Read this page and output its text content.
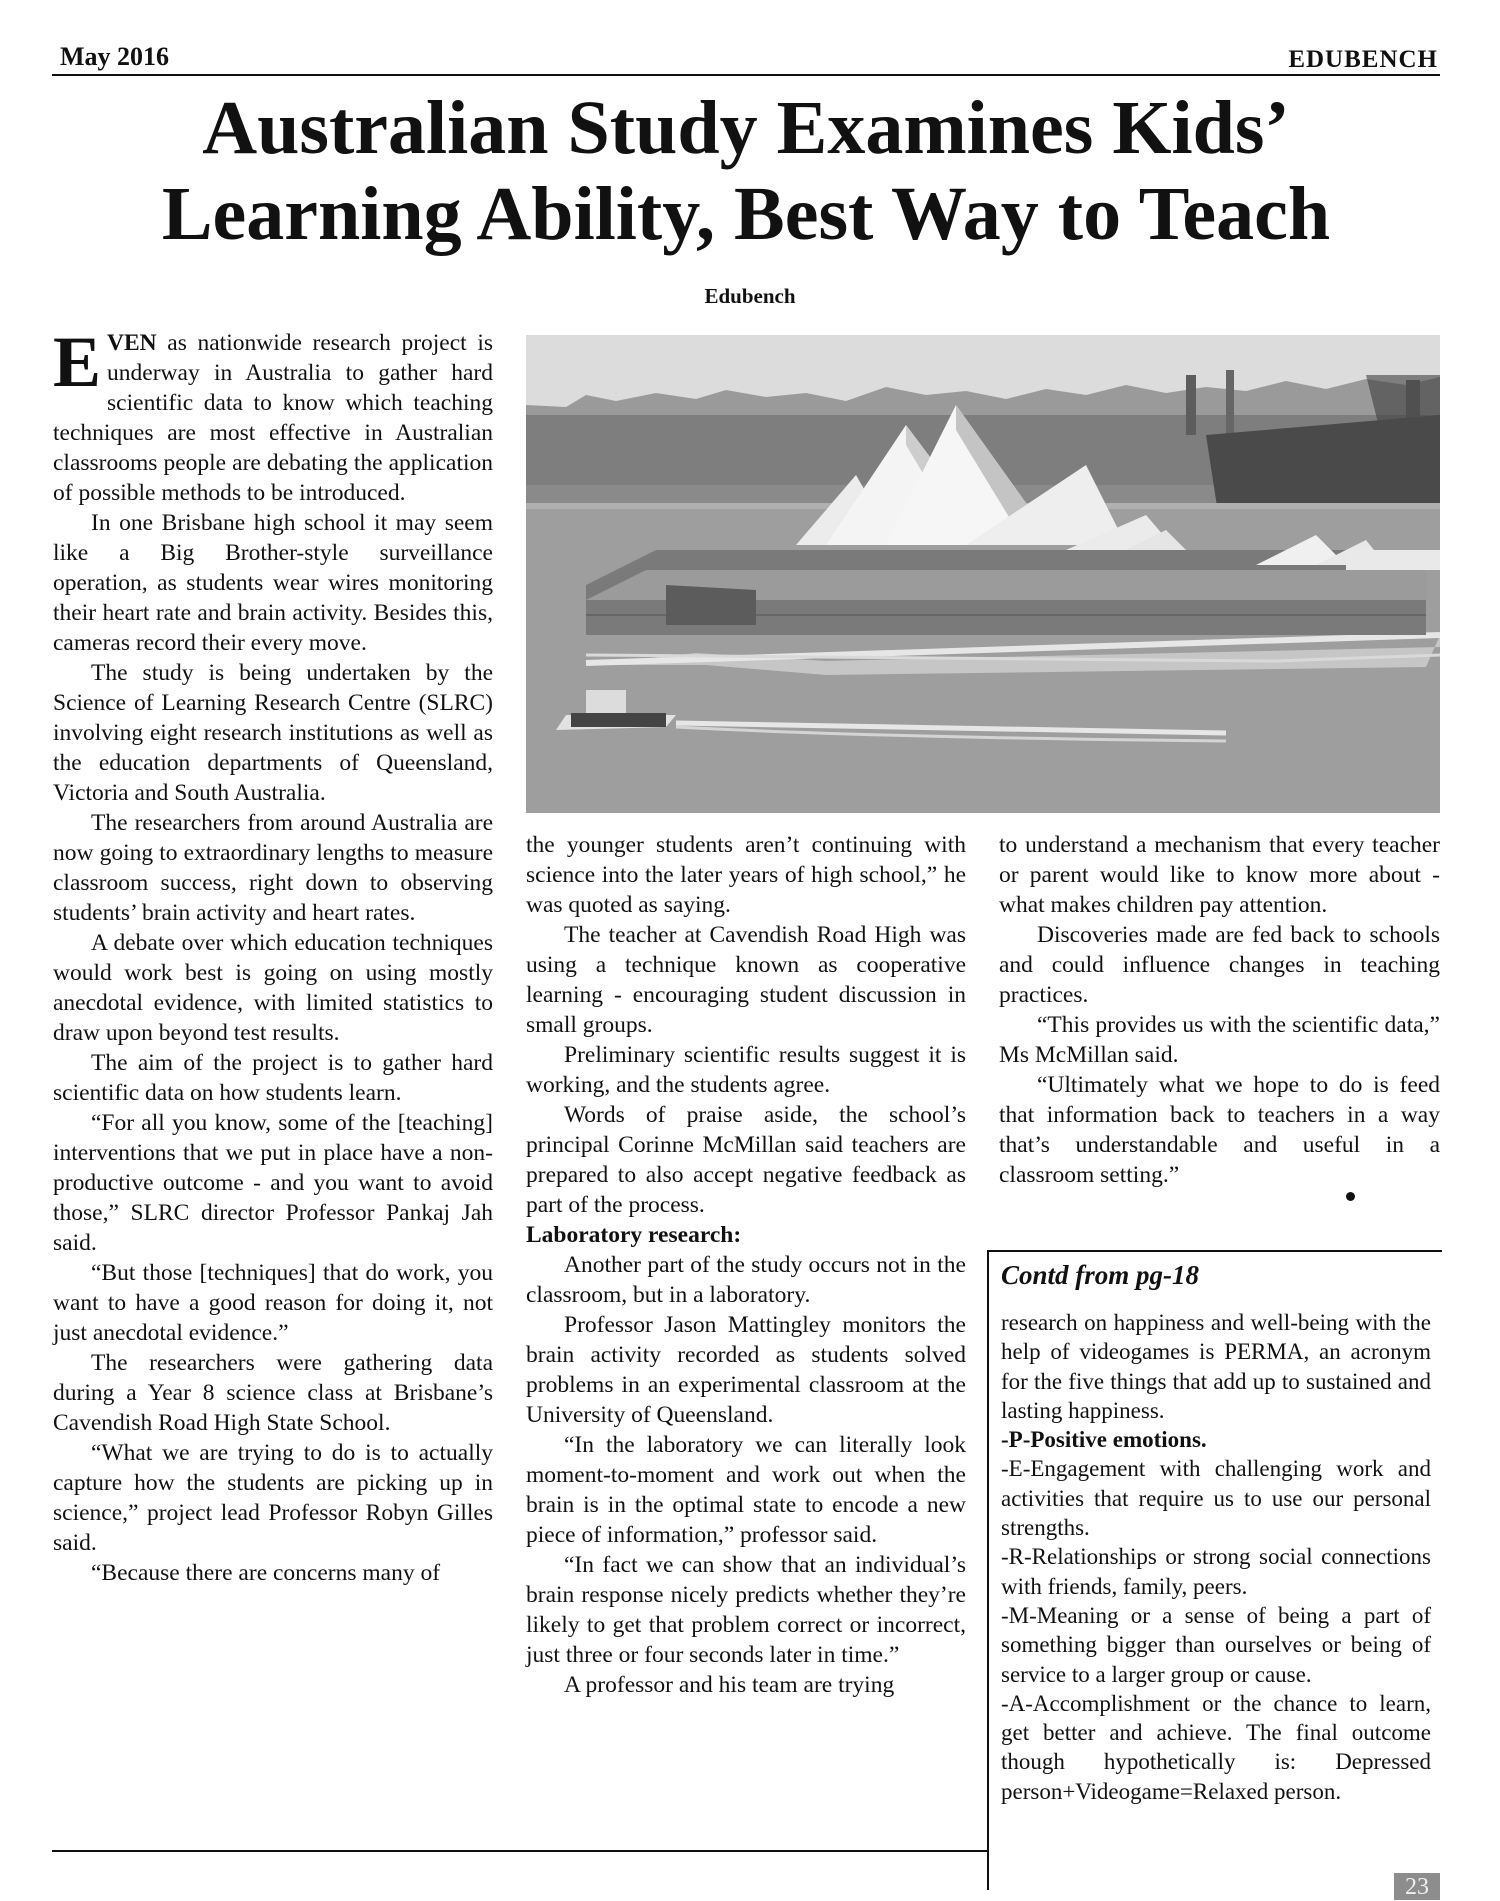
May 2016	EDUBENCH
Australian Study Examines Kids’
Learning Ability, Best Way to Teach
Edubench

EVEN as nationwide research project is underway in Australia to gather hard scientific data to know which teaching techniques are most effective in Australian classrooms people are debating the application of possible methods to be introduced.

In one Brisbane high school it may seem like a Big Brother-style surveillance operation, as students wear wires monitoring their heart rate and brain activity. Besides this, cameras record their every move.

The study is being undertaken by the Science of Learning Research Centre (SLRC) involving eight research institutions as well as the education departments of Queensland, Victoria and South Australia.

The researchers from around Australia are now going to extraordinary lengths to measure classroom success, right down to observing students’ brain activity and heart rates.

A debate over which education techniques would work best is going on using mostly anecdotal evidence, with limited statistics to draw upon beyond test results.

The aim of the project is to gather hard scientific data on how students learn.

“For all you know, some of the [teaching] interventions that we put in place have a non-productive outcome - and you want to avoid those,” SLRC director Professor Pankaj Jah said.

“But those [techniques] that do work, you want to have a good reason for doing it, not just anecdotal evidence.”

The researchers were gathering data during a Year 8 science class at Brisbane’s Cavendish Road High State School.

“What we are trying to do is to actually capture how the students are picking up in science,” project lead Professor Robyn Gilles said.

“Because there are concerns many of

the younger students aren’t continuing with science into the later years of high school,” he was quoted as saying.

The teacher at Cavendish Road High was using a technique known as cooperative learning - encouraging student discussion in small groups.

Preliminary scientific results suggest it is working, and the students agree.

Words of praise aside, the school’s principal Corinne McMillan said teachers are prepared to also accept negative feedback as part of the process.

Laboratory research:

Another part of the study occurs not in the classroom, but in a laboratory.

Professor Jason Mattingley monitors the brain activity recorded as students solved problems in an experimental classroom at the University of Queensland.

“In the laboratory we can literally look moment-to-moment and work out when the brain is in the optimal state to encode a new piece of information,” professor said.

“In fact we can show that an individual’s brain response nicely predicts whether they’re likely to get that problem correct or incorrect, just three or four seconds later in time.”

A professor and his team are trying

to understand a mechanism that every teacher or parent would like to know more about - what makes children pay attention.

Discoveries made are fed back to schools and could influence changes in teaching practices.

“This provides us with the scientific data,” Ms McMillan said.

“Ultimately what we hope to do is feed that information back to teachers in a way that’s understandable and useful in a classroom setting.”

Contd from pg-18

research on happiness and well-being with the help of videogames is PERMA, an acronym for the five things that add up to sustained and lasting happiness.

-P-Positive emotions.

-E-Engagement with challenging work and activities that require us to use our personal strengths.

-R-Relationships or strong social connections with friends, family, peers.

-M-Meaning or a sense of being a part of something bigger than ourselves or being of service to a larger group or cause.

-A-Accomplishment or the chance to learn, get better and achieve. The final outcome though hypothetically is: Depressed person+Videogame=Relaxed person.

23
